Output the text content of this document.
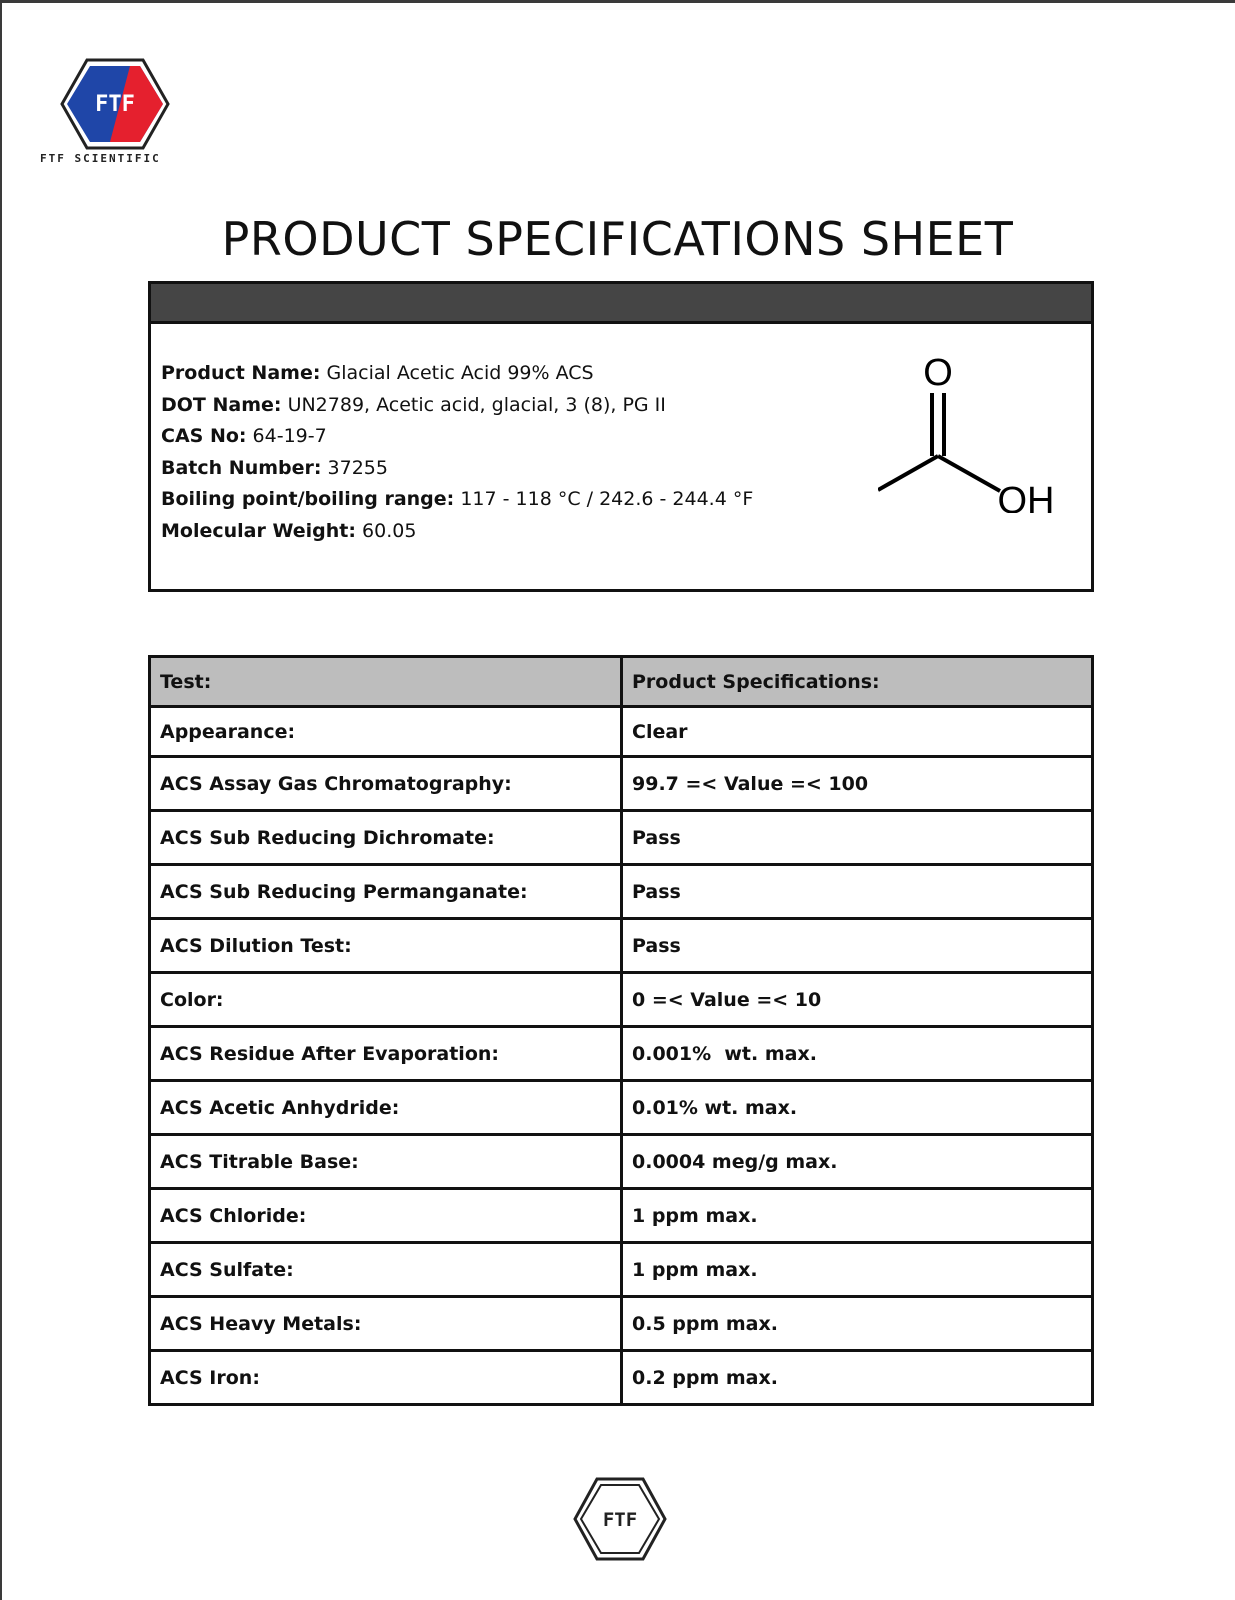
FTF
FTF SCIENTIFIC
PRODUCT SPECIFICATIONS SHEET
Product Name: Glacial Acetic Acid 99% ACS
DOT Name: UN2789, Acetic acid, glacial, 3 (8), PG II
CAS No: 64-19-7
Batch Number: 37255
Boiling point/boiling range: 117 - 118 °C / 242.6 - 244.4 °F
Molecular Weight: 60.05
O
OH
Test:	Product Specifications:
Appearance:	Clear
ACS Assay Gas Chromatography:	99.7 =< Value =< 100
ACS Sub Reducing Dichromate:	Pass
ACS Sub Reducing Permanganate:	Pass
ACS Dilution Test:	Pass
Color:	0 =< Value =< 10
ACS Residue After Evaporation:	0.001%  wt. max.
ACS Acetic Anhydride:	0.01% wt. max.
ACS Titrable Base:	0.0004 meg/g max.
ACS Chloride:	1 ppm max.
ACS Sulfate:	1 ppm max.
ACS Heavy Metals:	0.5 ppm max.
ACS Iron:	0.2 ppm max.
FTF
